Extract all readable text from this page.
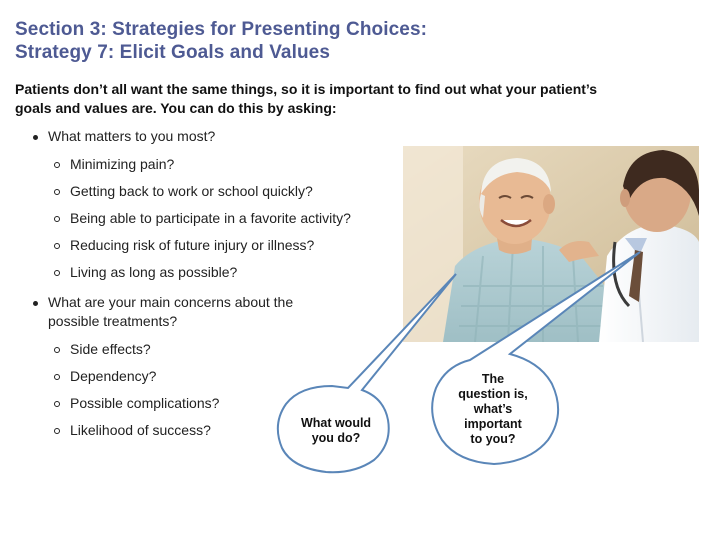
Section 3: Strategies for Presenting Choices:
Strategy 7: Elicit Goals and Values
Patients don’t all want the same things, so it is important to find out what your patient’s
goals and values are. You can do this by asking:
What matters to you most?
Minimizing pain?
Getting back to work or school quickly?
Being able to participate in a favorite activity?
Reducing risk of future injury or illness?
Living as long as possible?
What are your main concerns about the
possible treatments?
Side effects?
Dependency?
Possible complications?
Likelihood of success?	What would
you do?
The
question is,
what’s
important
to you?
